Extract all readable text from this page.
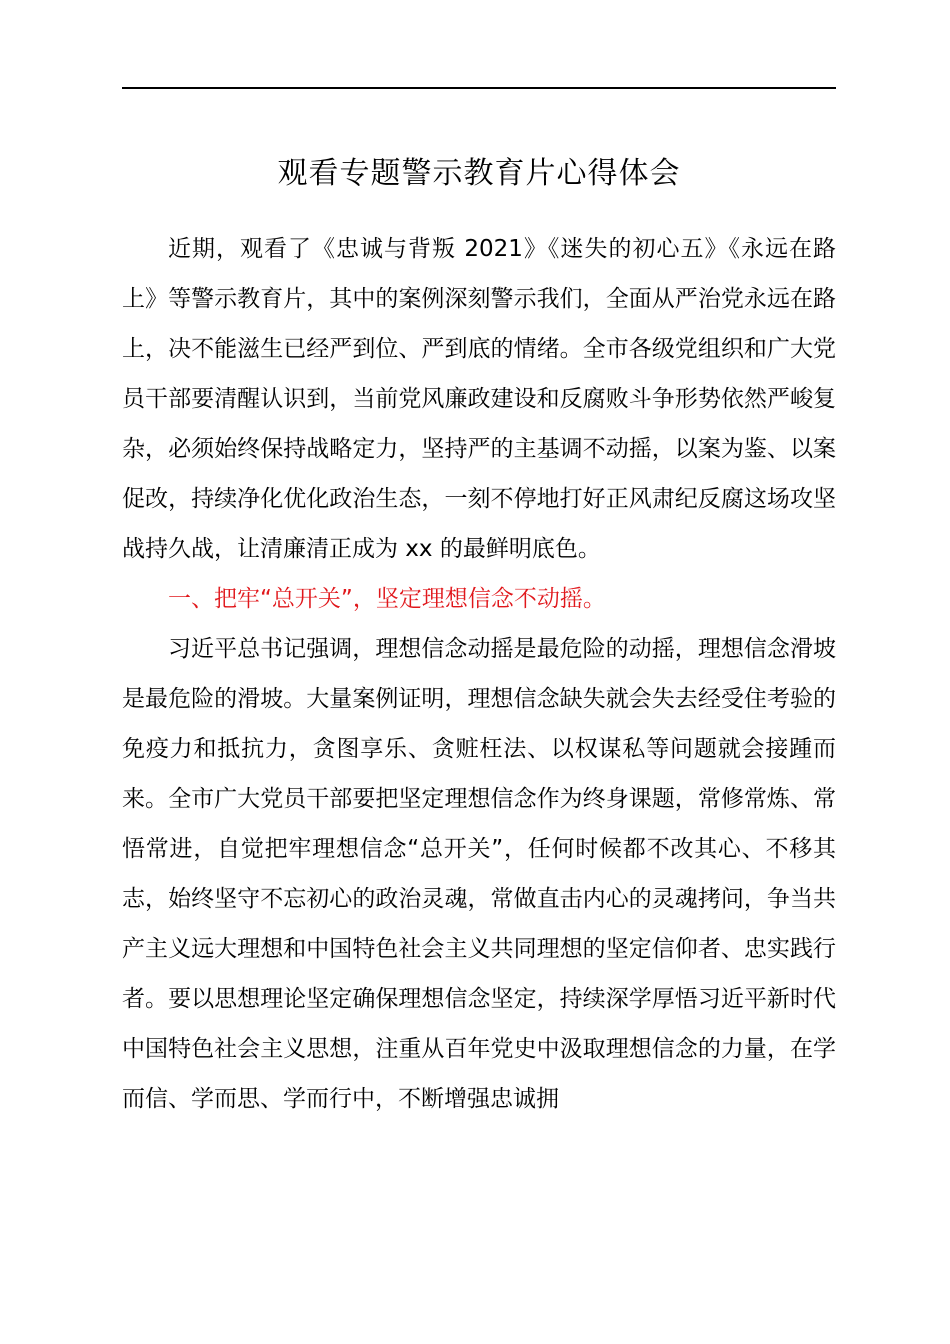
观看专题警示教育片心得体会

近期，观看了《忠诚与背叛 2021》《迷失的初心五》《永远在路上》等警示教育片，其中的案例深刻警示我们，全面从严治党永远在路上，决不能滋生已经严到位、严到底的情绪。全市各级党组织和广大党员干部要清醒认识到，当前党风廉政建设和反腐败斗争形势依然严峻复杂，必须始终保持战略定力，坚持严的主基调不动摇，以案为鉴、以案促改，持续净化优化政治生态，一刻不停地打好正风肃纪反腐这场攻坚战持久战，让清廉清正成为 xx 的最鲜明底色。

一、把牢“总开关”，坚定理想信念不动摇。

习近平总书记强调，理想信念动摇是最危险的动摇，理想信念滑坡是最危险的滑坡。大量案例证明，理想信念缺失就会失去经受住考验的免疫力和抵抗力，贪图享乐、贪赃枉法、以权谋私等问题就会接踵而来。全市广大党员干部要把坚定理想信念作为终身课题，常修常炼、常悟常进，自觉把牢理想信念“总开关”，任何时候都不改其心、不移其志，始终坚守不忘初心的政治灵魂，常做直击内心的灵魂拷问，争当共产主义远大理想和中国特色社会主义共同理想的坚定信仰者、忠实践行者。要以思想理论坚定确保理想信念坚定，持续深学厚悟习近平新时代中国特色社会主义思想，注重从百年党史中汲取理想信念的力量，在学而信、学而思、学而行中，不断增强忠诚拥
